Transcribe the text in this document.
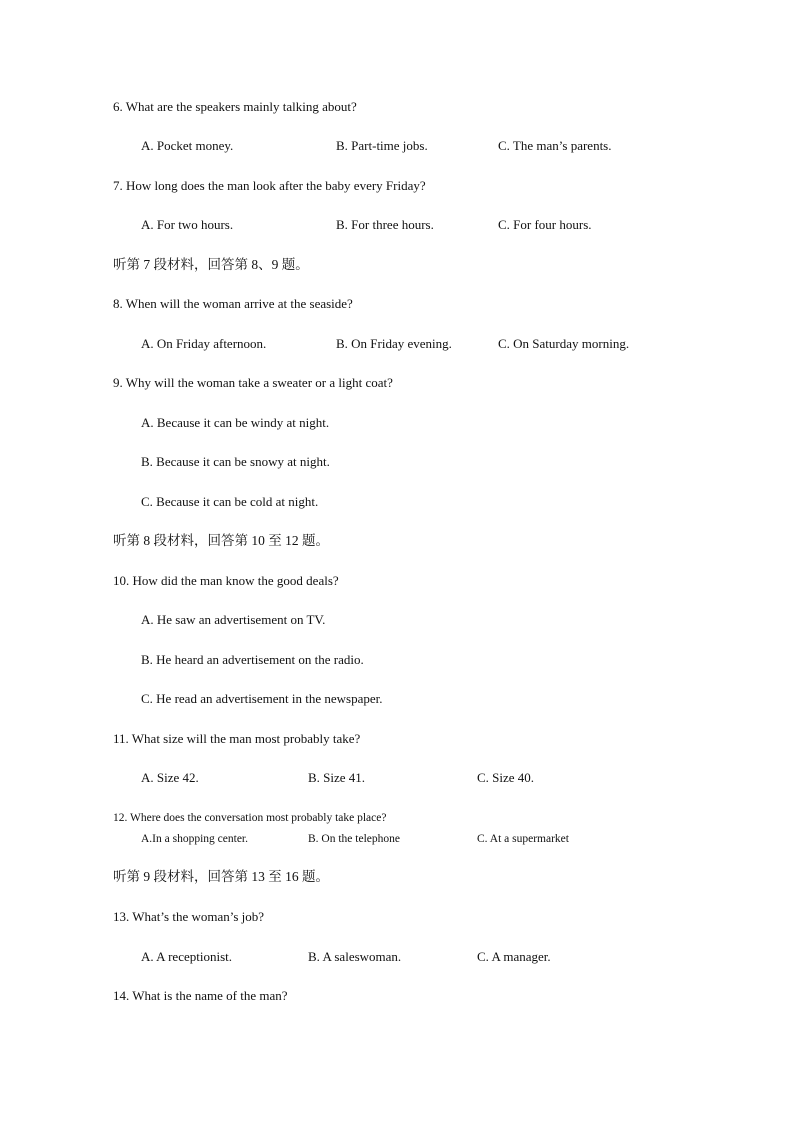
6. What are the speakers mainly talking about?
A. Pocket money.	B. Part-time jobs.	C. The man’s parents.
7. How long does the man look after the baby every Friday?
A. For two hours.	B. For three hours.	C. For four hours.
听第 7 段材料，回答第 8、9 题。
8. When will the woman arrive at the seaside?
A. On Friday afternoon.	B. On Friday evening.	C. On Saturday morning.
9. Why will the woman take a sweater or a light coat?
A. Because it can be windy at night.
B. Because it can be snowy at night.
C. Because it can be cold at night.
听第 8 段材料，回答第 10 至 12 题。
10. How did the man know the good deals?
A. He saw an advertisement on TV.
B. He heard an advertisement on the radio.
C. He read an advertisement in the newspaper.
11. What size will the man most probably take?
A. Size 42.	B. Size 41.	C. Size 40.
12. Where does the conversation most probably take place?
A.In a shopping center.	B. On the telephone	C. At a supermarket
听第 9 段材料，回答第 13 至 16 题。
13. What’s the woman’s job?
A. A receptionist.	B. A saleswoman.	C. A manager.
14. What is the name of the man?
